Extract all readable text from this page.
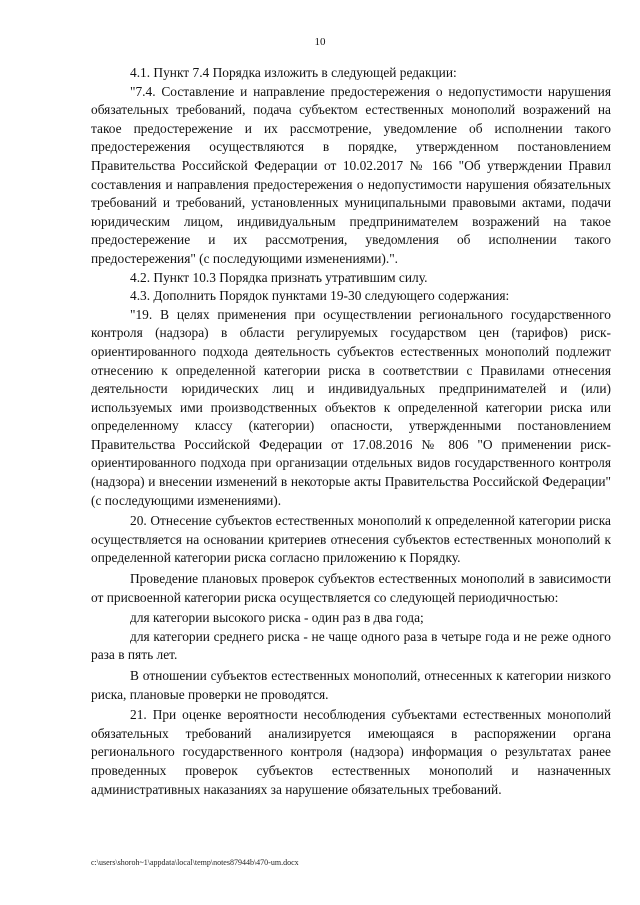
10

4.1. Пункт 7.4 Порядка изложить в следующей редакции:

"7.4. Составление и направление предостережения о недопустимости нарушения обязательных требований, подача субъектом естественных монополий возражений на такое предостережение и их рассмотрение, уведомление об исполнении такого предостережения осуществляются в порядке, утвержденном постановлением Правительства Российской Федерации от 10.02.2017 № 166 "Об утверждении Правил составления и направления предостережения о недопустимости нарушения обязательных требований и требований, установленных муниципальными правовыми актами, подачи юридическим лицом, индивидуальным предпринимателем возражений на такое предостережение и их рассмотрения, уведомления об исполнении такого предостережения" (с последующими изменениями).".

4.2. Пункт 10.3 Порядка признать утратившим силу.

4.3. Дополнить Порядок пунктами 19-30 следующего содержания:

"19. В целях применения при осуществлении регионального государственного контроля (надзора) в области регулируемых государством цен (тарифов) риск-ориентированного подхода деятельность субъектов естественных монополий подлежит отнесению к определенной категории риска в соответствии с Правилами отнесения деятельности юридических лиц и индивидуальных предпринимателей и (или) используемых ими производственных объектов к определенной категории риска или определенному классу (категории) опасности, утвержденными постановлением Правительства Российской Федерации от 17.08.2016 № 806 "О применении риск-ориентированного подхода при организации отдельных видов государственного контроля (надзора) и внесении изменений в некоторые акты Правительства Российской Федерации" (с последующими изменениями).

20. Отнесение субъектов естественных монополий к определенной категории риска осуществляется на основании критериев отнесения субъектов естественных монополий к определенной категории риска согласно приложению к Порядку.

Проведение плановых проверок субъектов естественных монополий в зависимости от присвоенной категории риска осуществляется со следующей периодичностью:

для категории высокого риска - один раз в два года;

для категории среднего риска - не чаще одного раза в четыре года и не реже одного раза в пять лет.

В отношении субъектов естественных монополий, отнесенных к категории низкого риска, плановые проверки не проводятся.

21. При оценке вероятности несоблюдения субъектами естественных монополий обязательных требований анализируется имеющаяся в распоряжении органа регионального государственного контроля (надзора) информация о результатах ранее проведенных проверок субъектов естественных монополий и назначенных административных наказаниях за нарушение обязательных требований.

c:\users\shoroh~1\appdata\local\temp\notes87944b\470-um.docx
